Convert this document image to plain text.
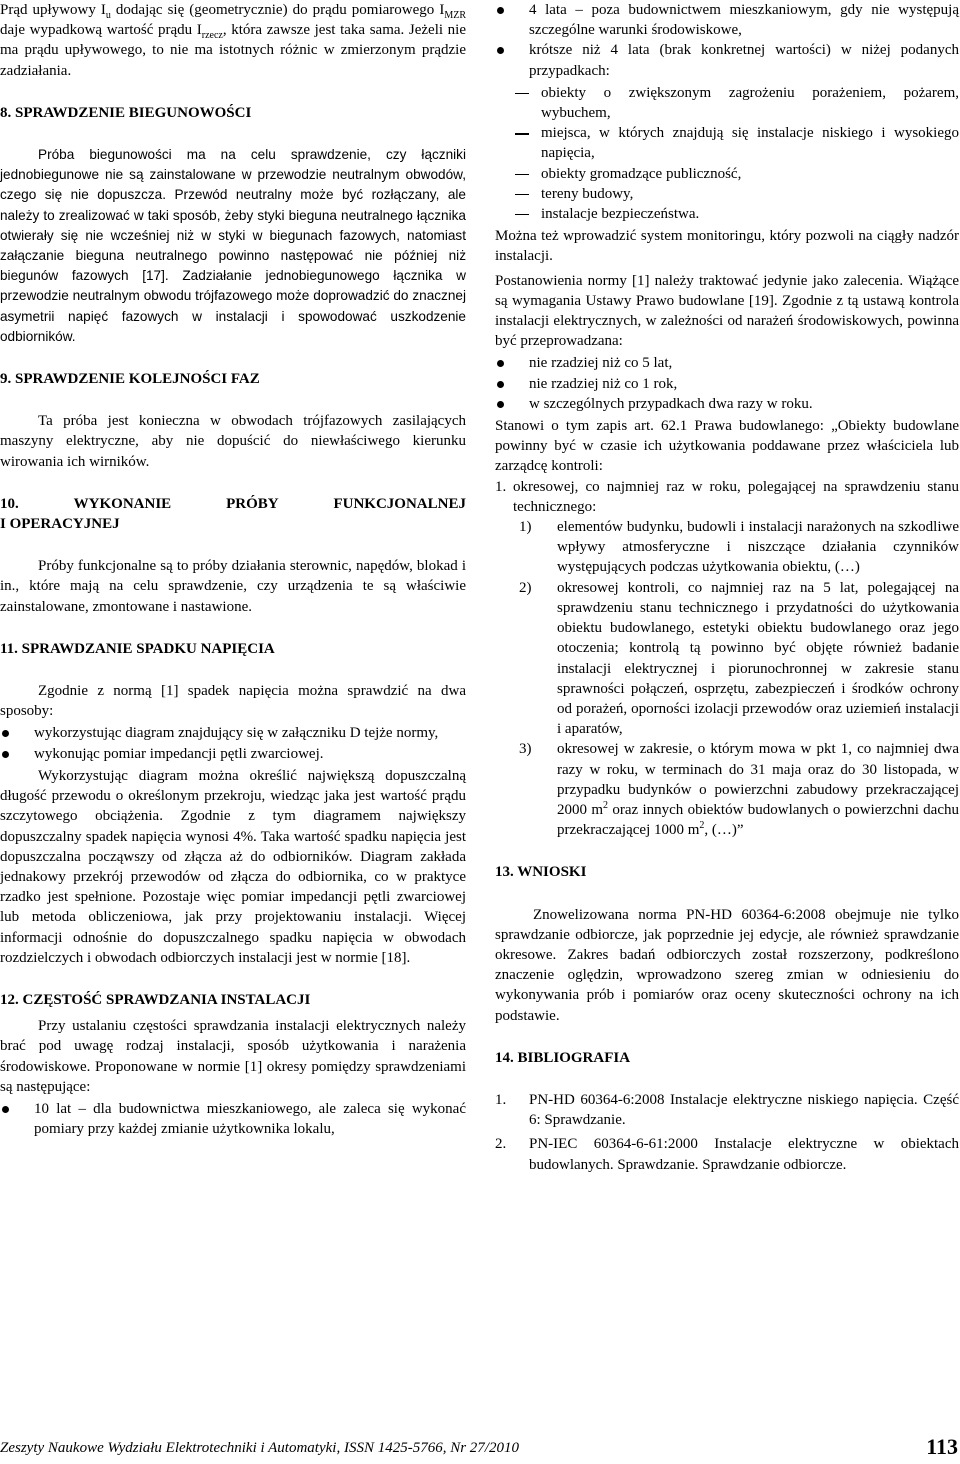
Prąd upływowy $I_u$ dodając się (geometrycznie) do prądu pomiarowego $I_{MZR}$ daje wypadkową wartość prądu $I_{rzecz}$, która zawsze jest taka sama. Jeżeli nie ma prądu upływowego, to nie ma istotnych różnic w zmierzonym prądzie zadziałania.

8. SPRAWDZENIE BIEGUNOWOŚCI

Próba biegunowości ma na celu sprawdzenie, czy łączniki jednobiegunowe nie są zainstalowane w przewodzie neutralnym obwodów, czego się nie dopuszcza. Przewód neutralny może być rozłączany, ale należy to zrealizować w taki sposób, żeby styki bieguna neutralnego łącznika otwierały się nie wcześniej niż w styki w biegunach fazowych, natomiast załączanie bieguna neutralnego powinno następować nie później niż biegunów fazowych [17]. Zadziałanie jednobiegunowego łącznika w przewodzie neutralnym obwodu trójfazowego może doprowadzić do znacznej asymetrii napięć fazowych w instalacji i spowodować uszkodzenie odbiorników.

9. SPRAWDZENIE KOLEJNOŚCI FAZ

Ta próba jest konieczna w obwodach trójfazowych zasilających maszyny elektryczne, aby nie dopuścić do niewłaściwego kierunku wirowania ich wirników.

10.	WYKONANIE	PRÓBY	FUNKCJONALNEJ
I OPERACYJNEJ

Próby funkcjonalne są to próby działania sterownic, napędów, blokad i in., które mają na celu sprawdzenie, czy urządzenia te są właściwie zainstalowane, zmontowane i nastawione.

11. SPRAWDZANIE SPADKU NAPIĘCIA

Zgodnie z normą [1] spadek napięcia można sprawdzić na dwa sposoby:

wykorzystując diagram znajdujący się w załączniku D tejże normy,
wykonując pomiar impedancji pętli zwarciowej.

Wykorzystując diagram można określić największą dopuszczalną długość przewodu o określonym przekroju, wiedząc jaka jest wartość prądu szczytowego obciążenia. Zgodnie z tym diagramem największy dopuszczalny spadek napięcia wynosi 4%. Taka wartość spadku napięcia jest dopuszczalna począwszy od złącza aż do odbiorników. Diagram zakłada jednakowy przekrój przewodów od złącza do odbiornika, co w praktyce rzadko jest spełnione. Pozostaje więc pomiar impedancji pętli zwarciowej lub metoda obliczeniowa, jak przy projektowaniu instalacji. Więcej informacji odnośnie do dopuszczalnego spadku napięcia w obwodach rozdzielczych i obwodach odbiorczych instalacji jest w normie [18].

12. CZĘSTOŚĆ SPRAWDZANIA INSTALACJI

Przy ustalaniu częstości sprawdzania instalacji elektrycznych należy brać pod uwagę rodzaj instalacji, sposób użytkowania i narażenia środowiskowe. Proponowane w normie [1] okresy pomiędzy sprawdzeniami są następujące:

10 lat – dla budownictwa mieszkaniowego, ale zaleca się wykonać pomiary przy każdej zmianie użytkownika lokalu,
4 lata – poza budownictwem mieszkaniowym, gdy nie występują szczególne warunki środowiskowe,
krótsze niż 4 lata (brak konkretnej wartości) w niżej podanych przypadkach:
obiekty o zwiększonym zagrożeniu porażeniem, pożarem, wybuchem,
miejsca, w których znajdują się instalacje niskiego i wysokiego napięcia,
obiekty gromadzące publiczność,
tereny budowy,
instalacje bezpieczeństwa.

Można też wprowadzić system monitoringu, który pozwoli na ciągły nadzór instalacji.

Postanowienia normy [1] należy traktować jedynie jako zalecenia. Wiążące są wymagania Ustawy Prawo budowlane [19]. Zgodnie z tą ustawą kontrola instalacji elektrycznych, w zależności od narażeń środowiskowych, powinna być przeprowadzana:

nie rzadziej niż co 5 lat,
nie rzadziej niż co 1 rok,
w szczególnych przypadkach dwa razy w roku.

Stanowi o tym zapis art. 62.1 Prawa budowlanego: „Obiekty budowlane powinny być w czasie ich użytkowania poddawane przez właściciela lub zarządcę kontroli:

1. okresowej, co najmniej raz w roku, polegającej na sprawdzeniu stanu technicznego:
1) elementów budynku, budowli i instalacji narażonych na szkodliwe wpływy atmosferyczne i niszczące działania czynników występujących podczas użytkowania obiektu, (…)
2) okresowej kontroli, co najmniej raz na 5 lat, polegającej na sprawdzeniu stanu technicznego i przydatności do użytkowania obiektu budowlanego, estetyki obiektu budowlanego oraz jego otoczenia; kontrolą tą powinno być objęte również badanie instalacji elektrycznej i piorunochronnej w zakresie stanu sprawności połączeń, osprzętu, zabezpieczeń i środków ochrony od porażeń, oporności izolacji przewodów oraz uziemień instalacji i aparatów,
3) okresowej w zakresie, o którym mowa w pkt 1, co najmniej dwa razy w roku, w terminach do 31 maja oraz do 30 listopada, w przypadku budynków o powierzchni zabudowy przekraczającej 2000 $m^2$ oraz innych obiektów budowlanych o powierzchni dachu przekraczającej 1000 $m^2$, (…)”
13. WNIOSKI

Znowelizowana norma PN-HD 60364-6:2008 obejmuje nie tylko sprawdzanie odbiorcze, jak poprzednie jej edycje, ale również sprawdzanie okresowe. Zakres badań odbiorczych został rozszerzony, podkreślono znaczenie oględzin, wprowadzono szereg zmian w odniesieniu do wykonywania prób i pomiarów oraz oceny skuteczności ochrony na ich podstawie.

14. BIBLIOGRAFIA
1. PN-HD 60364-6:2008 Instalacje elektryczne niskiego napięcia. Część 6: Sprawdzanie.
2. PN-IEC 60364-6-61:2000 Instalacje elektryczne w obiektach budowlanych. Sprawdzanie. Sprawdzanie odbiorcze.
Zeszyty Naukowe Wydziału Elektrotechniki i Automatyki, ISSN 1425-5766, Nr 27/2010	113
